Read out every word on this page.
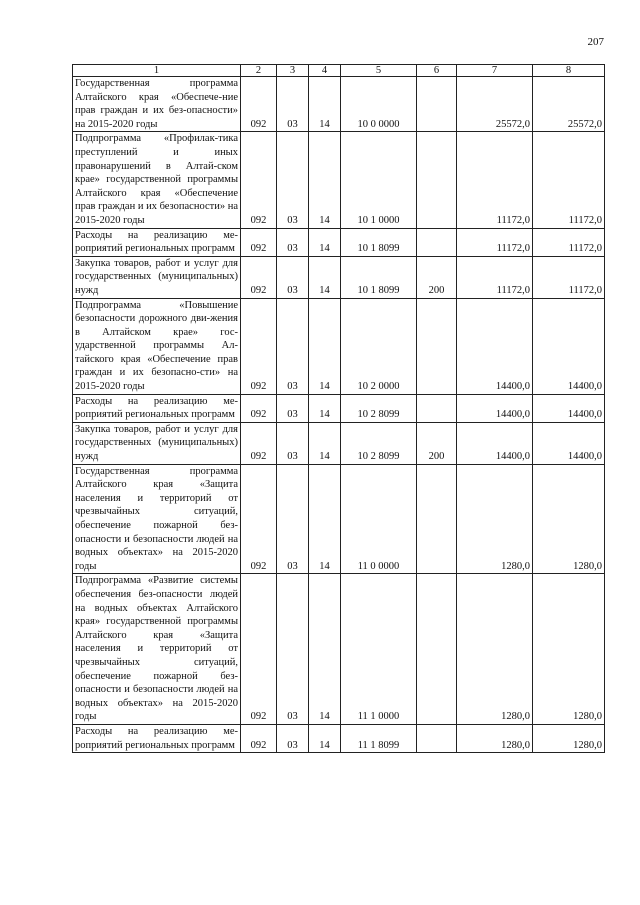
207
1	2	3	4	5	6	7	8
Государственная программа Алтайского края «Обеспече-ние прав граждан и их без-опасности» на 2015-2020 годы	092	03	14	10 0 0000		25572,0	25572,0
Подпрограмма «Профилак-тика преступлений и иных правонарушений в Алтай-ском крае» государственной программы Алтайского края «Обеспечение прав граждан и их безопасности» на 2015-2020 годы	092	03	14	10 1 0000		11172,0	11172,0
Расходы на реализацию ме-роприятий региональных программ	092	03	14	10 1 8099		11172,0	11172,0
Закупка товаров, работ и услуг для государственных (муниципальных) нужд	092	03	14	10 1 8099	200	11172,0	11172,0
Подпрограмма «Повышение безопасности дорожного дви-жения в Алтайском крае» гос-ударственной программы Ал-тайского края «Обеспечение прав граждан и их безопасно-сти» на 2015-2020 годы	092	03	14	10 2 0000		14400,0	14400,0
Расходы на реализацию ме-роприятий региональных программ	092	03	14	10 2 8099		14400,0	14400,0
Закупка товаров, работ и услуг для государственных (муниципальных) нужд	092	03	14	10 2 8099	200	14400,0	14400,0
Государственная программа Алтайского края «Защита населения и территорий от чрезвычайных ситуаций, обеспечение пожарной без-опасности и безопасности людей на водных объектах» на 2015-2020 годы	092	03	14	11 0 0000		1280,0	1280,0
Подпрограмма «Развитие системы обеспечения без-опасности людей на водных объектах Алтайского края» государственной программы Алтайского края «Защита населения и территорий от чрезвычайных ситуаций, обеспечение пожарной без-опасности и безопасности людей на водных объектах» на 2015-2020 годы	092	03	14	11 1 0000		1280,0	1280,0
Расходы на реализацию ме-роприятий региональных программ	092	03	14	11 1 8099		1280,0	1280,0
